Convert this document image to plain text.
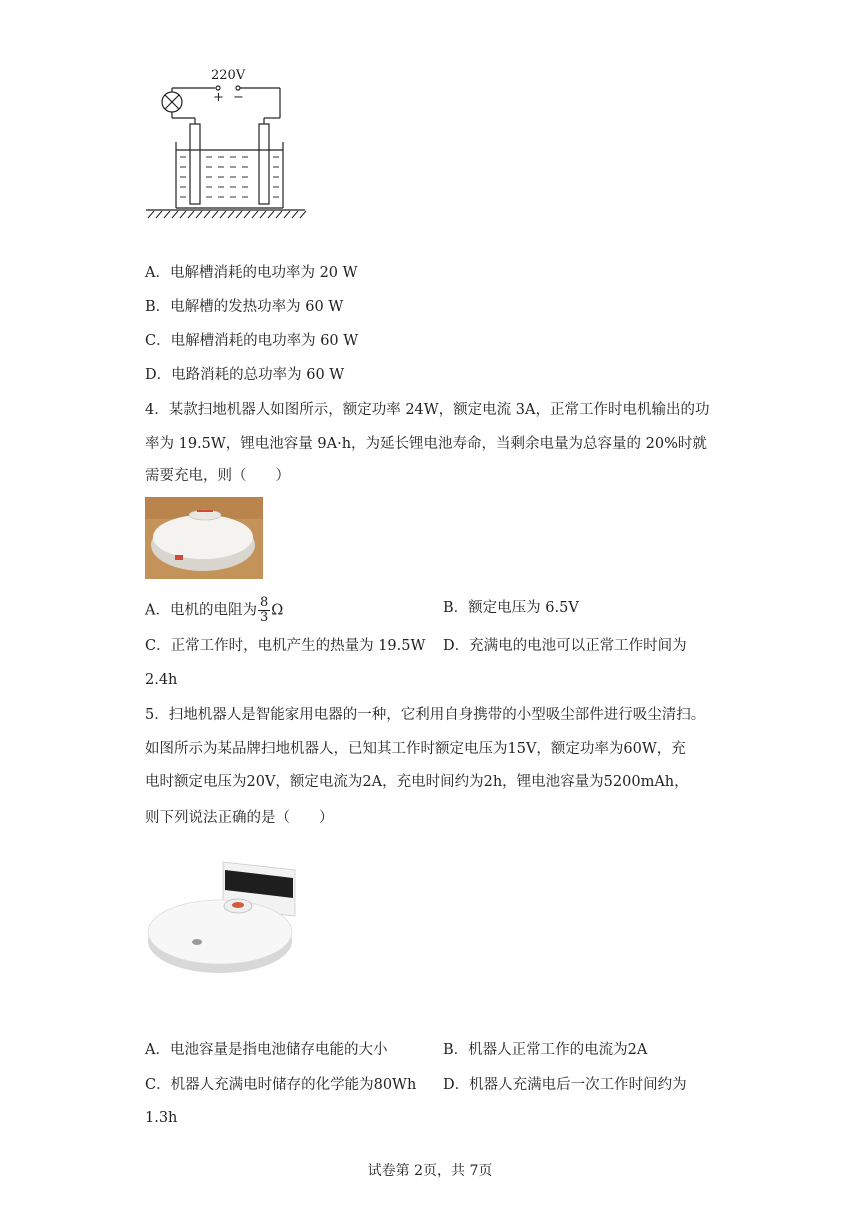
220V
+ −
A．电解槽消耗的电功率为 20 W
B．电解槽的发热功率为 60 W
C．电解槽消耗的电功率为 60 W
D．电路消耗的总功率为 60 W
4．某款扫地机器人如图所示，额定功率 24W，额定电流 3A，正常工作时电机输出的功
率为 19.5W，锂电池容量 9A·h，为延长锂电池寿命，当剩余电量为总容量的 20%时就
需要充电，则（　　）
A．电机的电阻为 $\frac{8}{3}$ Ω	B．额定电压为 6.5V
C．正常工作时，电机产生的热量为 19.5W D．充满电的电池可以正常工作时间为
2.4h
5．扫地机器人是智能家用电器的一种，它利用自身携带的小型吸尘部件进行吸尘清扫。
如图所示为某品牌扫地机器人，已知其工作时额定电压为15V，额定功率为60W，充
电时额定电压为20V，额定电流为2A，充电时间约为2h，锂电池容量为5200mAh，
则下列说法正确的是（　　）
A．电池容量是指电池储存电能的大小	B．机器人正常工作的电流为2A
C．机器人充满电时储存的化学能为80Wh D．机器人充满电后一次工作时间约为
1.3h
试卷第 2页，共 7页
